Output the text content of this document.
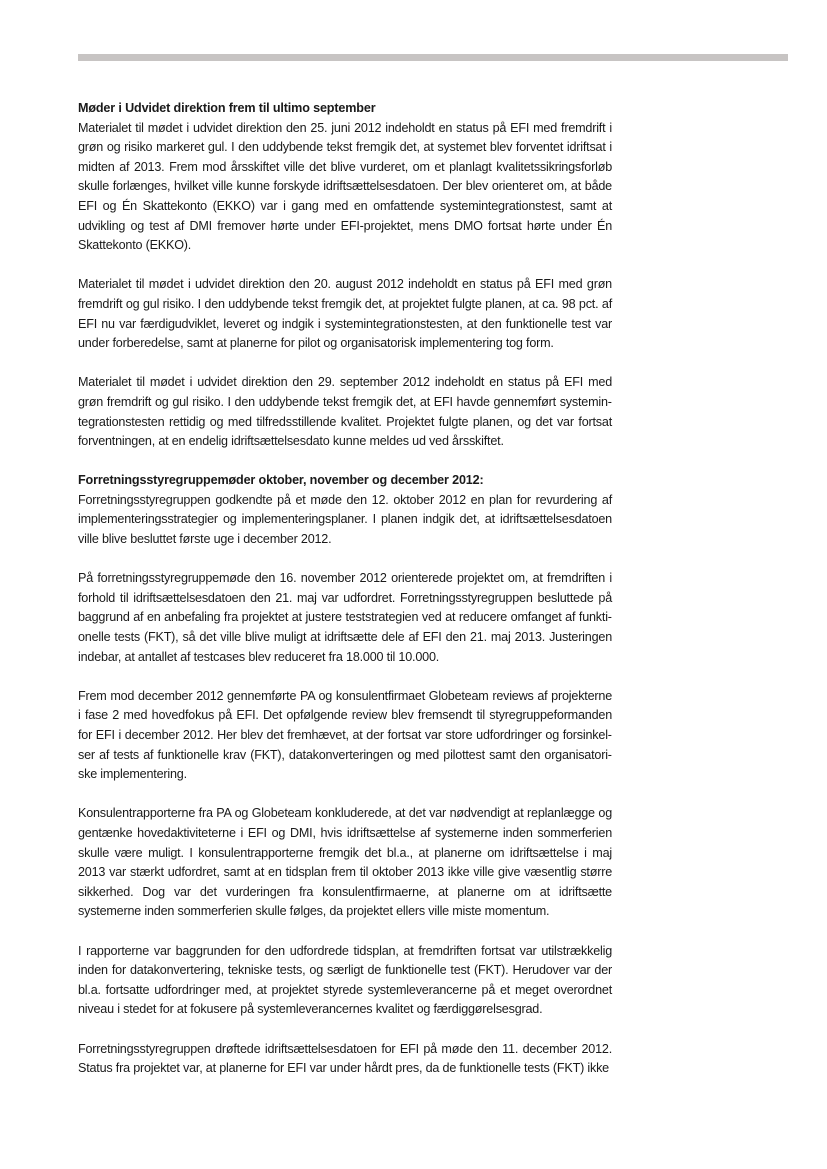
Møder i Udvidet direktion frem til ultimo september

Materialet til mødet i udvidet direktion den 25. juni 2012 indeholdt en status på EFI med fremdrift i grøn og risiko markeret gul. I den uddybende tekst fremgik det, at systemet blev forventet idriftsat i midten af 2013. Frem mod årsskiftet ville det blive vurderet, om et planlagt kvalitetssikringsforløb skulle forlænges, hvilket ville kunne forskyde idriftsættelsesdatoen. Der blev orienteret om, at både EFI og Én Skattekonto (EKKO) var i gang med en omfattende systemintegrationstest, samt at udvikling og test af DMI fremover hørte under EFI-projektet, mens DMO fortsat hørte under Én Skattekonto (EKKO).

Materialet til mødet i udvidet direktion den 20. august 2012 indeholdt en status på EFI med grøn fremdrift og gul risiko. I den uddybende tekst fremgik det, at projektet fulgte planen, at ca. 98 pct. af EFI nu var færdigudviklet, leveret og indgik i systemintegrationstesten, at den funktionelle test var under forberedelse, samt at planerne for pilot og organisatorisk implementering tog form.

Materialet til mødet i udvidet direktion den 29. september 2012 indeholdt en status på EFI med grøn fremdrift og gul risiko. I den uddybende tekst fremgik det, at EFI havde gennemført systemintegrationstesten rettidig og med tilfredsstillende kvalitet. Projektet fulgte planen, og det var fortsat forventningen, at en endelig idriftsættelsesdato kunne meldes ud ved årsskiftet.

Forretningsstyregruppemøder oktober, november og december 2012:

Forretningsstyregruppen godkendte på et møde den 12. oktober 2012 en plan for revurdering af implementeringsstrategier og implementeringsplaner. I planen indgik det, at idriftsættelsesdatoen ville blive besluttet første uge i december 2012.

På forretningsstyregruppemøde den 16. november 2012 orienterede projektet om, at fremdriften i forhold til idriftsættelsesdatoen den 21. maj var udfordret. Forretningsstyregruppen besluttede på baggrund af en anbefaling fra projektet at justere teststrategien ved at reducere omfanget af funktionelle tests (FKT), så det ville blive muligt at idriftsætte dele af EFI den 21. maj 2013. Justeringen indebar, at antallet af testcases blev reduceret fra 18.000 til 10.000.

Frem mod december 2012 gennemførte PA og konsulentfirmaet Globeteam reviews af projekterne i fase 2 med hovedfokus på EFI. Det opfølgende review blev fremsendt til styregruppeformanden for EFI i december 2012. Her blev det fremhævet, at der fortsat var store udfordringer og forsinkelser af tests af funktionelle krav (FKT), datakonverteringen og med pilottest samt den organisatoriske implementering.

Konsulentrapporterne fra PA og Globeteam konkluderede, at det var nødvendigt at replanlægge og gentænke hovedaktiviteterne i EFI og DMI, hvis idriftsættelse af systemerne inden sommerferien skulle være muligt. I konsulentrapporterne fremgik det bl.a., at planerne om idriftsættelse i maj 2013 var stærkt udfordret, samt at en tidsplan frem til oktober 2013 ikke ville give væsentlig større sikkerhed. Dog var det vurderingen fra konsulentfirmaerne, at planerne om at idriftsætte systemerne inden sommerferien skulle følges, da projektet ellers ville miste momentum.

I rapporterne var baggrunden for den udfordrede tidsplan, at fremdriften fortsat var utilstrækkelig inden for datakonvertering, tekniske tests, og særligt de funktionelle test (FKT). Herudover var der bl.a. fortsatte udfordringer med, at projektet styrede systemleverancerne på et meget overordnet niveau i stedet for at fokusere på systemleverancernes kvalitet og færdiggørelsesgrad.

Forretningsstyregruppen drøftede idriftsættelsesdatoen for EFI på møde den 11. december 2012. Status fra projektet var, at planerne for EFI var under hårdt pres, da de funktionelle tests (FKT) ikke
